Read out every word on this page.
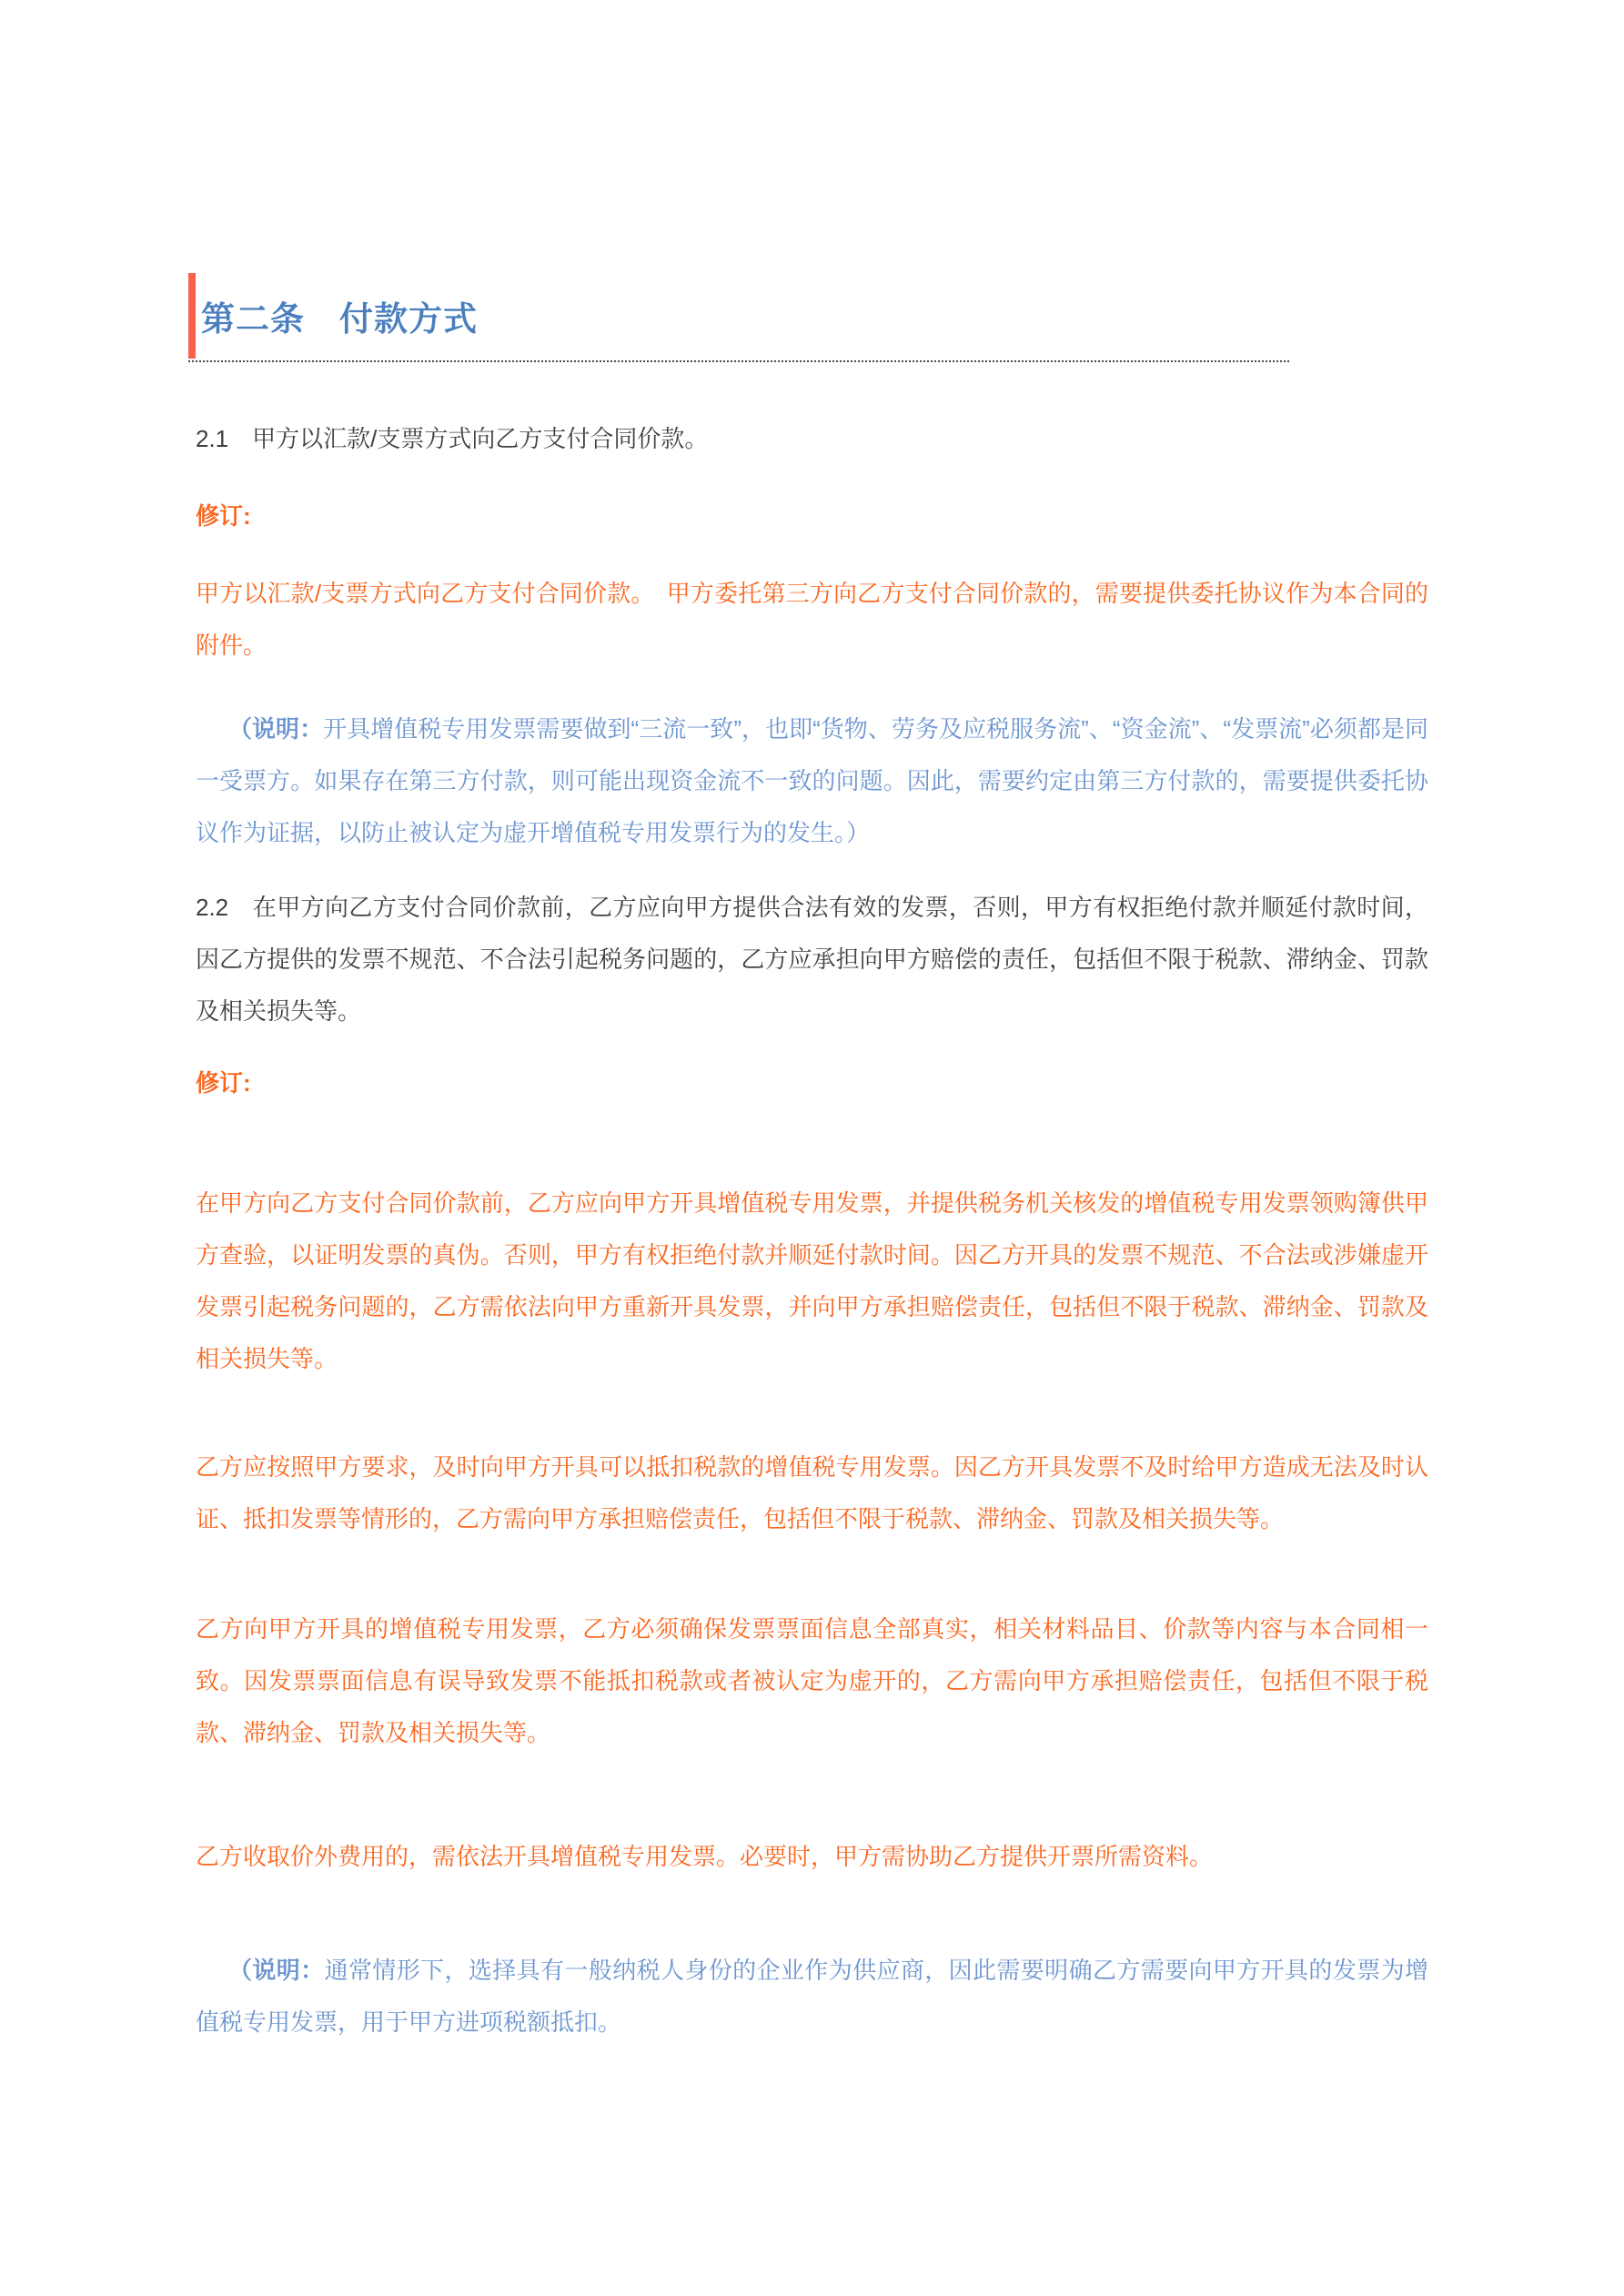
第二条　付款方式

2.1　甲方以汇款/支票方式向乙方支付合同价款。

修订:

甲方以汇款/支票方式向乙方支付合同价款。　甲方委托第三方向乙方支付合同价款的，需要提供委托协议作为本合同的附件。

（说明：开具增值税专用发票需要做到“三流一致”，也即“货物、劳务及应税服务流”、“资金流”、“发票流”必须都是同一受票方。如果存在第三方付款，则可能出现资金流不一致的问题。因此，需要约定由第三方付款的，需要提供委托协议作为证据，以防止被认定为虚开增值税专用发票行为的发生。）

2.2　在甲方向乙方支付合同价款前，乙方应向甲方提供合法有效的发票，否则，甲方有权拒绝付款并顺延付款时间，因乙方提供的发票不规范、不合法引起税务问题的，乙方应承担向甲方赔偿的责任，包括但不限于税款、滞纳金、罚款及相关损失等。

修订:

在甲方向乙方支付合同价款前，乙方应向甲方开具增值税专用发票，并提供税务机关核发的增值税专用发票领购簿供甲方查验，以证明发票的真伪。否则，甲方有权拒绝付款并顺延付款时间。因乙方开具的发票不规范、不合法或涉嫌虚开发票引起税务问题的，乙方需依法向甲方重新开具发票，并向甲方承担赔偿责任，包括但不限于税款、滞纳金、罚款及相关损失等。

乙方应按照甲方要求，及时向甲方开具可以抵扣税款的增值税专用发票。因乙方开具发票不及时给甲方造成无法及时认证、抵扣发票等情形的，乙方需向甲方承担赔偿责任，包括但不限于税款、滞纳金、罚款及相关损失等。

乙方向甲方开具的增值税专用发票，乙方必须确保发票票面信息全部真实，相关材料品目、价款等内容与本合同相一致。因发票票面信息有误导致发票不能抵扣税款或者被认定为虚开的，乙方需向甲方承担赔偿责任，包括但不限于税款、滞纳金、罚款及相关损失等。

乙方收取价外费用的，需依法开具增值税专用发票。必要时，甲方需协助乙方提供开票所需资料。

（说明：通常情形下，选择具有一般纳税人身份的企业作为供应商，因此需要明确乙方需要向甲方开具的发票为增值税专用发票，用于甲方进项税额抵扣。
